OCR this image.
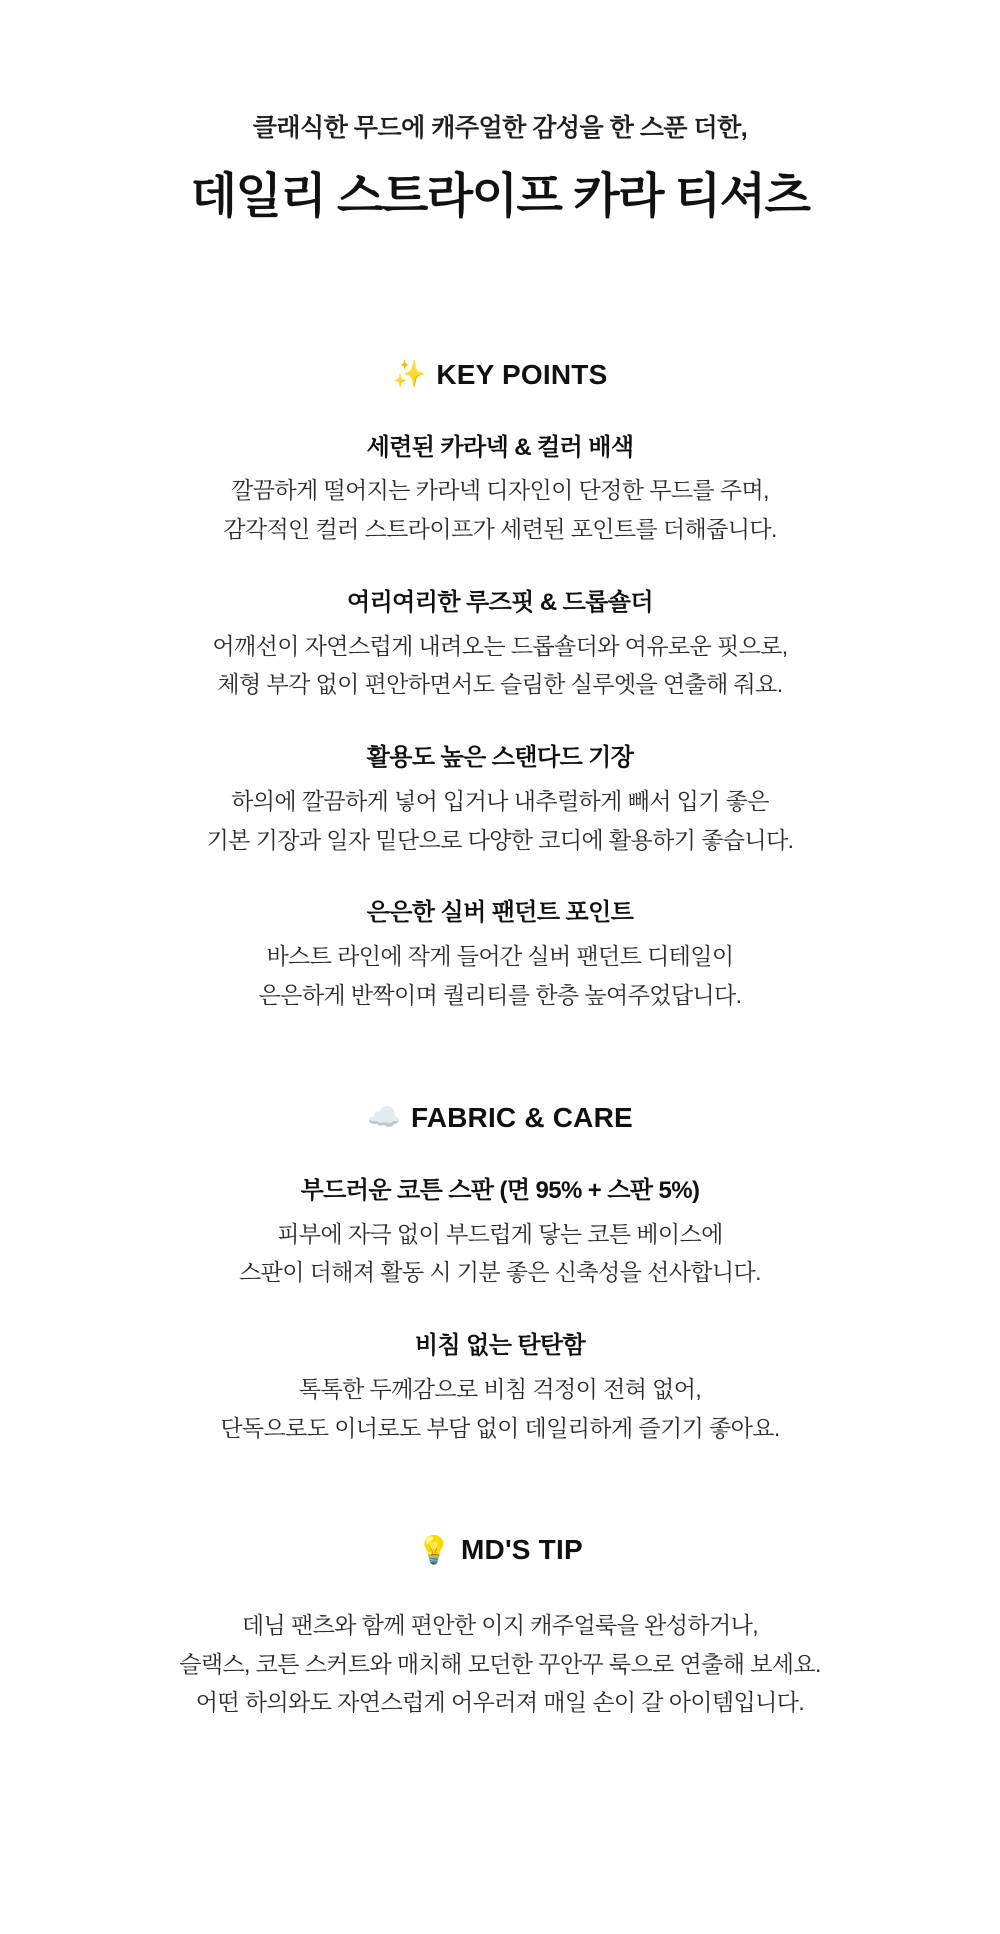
클래식한 무드에 캐주얼한 감성을 한 스푼 더한,
데일리 스트라이프 카라 티셔츠
✨ KEY POINTS
세련된 카라넥 & 컬러 배색
깔끔하게 떨어지는 카라넥 디자인이 단정한 무드를 주며,
감각적인 컬러 스트라이프가 세련된 포인트를 더해줍니다.
여리여리한 루즈핏 & 드롭숄더
어깨선이 자연스럽게 내려오는 드롭숄더와 여유로운 핏으로,
체형 부각 없이 편안하면서도 슬림한 실루엣을 연출해 줘요.
활용도 높은 스탠다드 기장
하의에 깔끔하게 넣어 입거나 내추럴하게 빼서 입기 좋은
기본 기장과 일자 밑단으로 다양한 코디에 활용하기 좋습니다.
은은한 실버 팬던트 포인트
바스트 라인에 작게 들어간 실버 팬던트 디테일이
은은하게 반짝이며 퀄리티를 한층 높여주었답니다.
☁️ FABRIC & CARE
부드러운 코튼 스판 (면 95% + 스판 5%)
피부에 자극 없이 부드럽게 닿는 코튼 베이스에
스판이 더해져 활동 시 기분 좋은 신축성을 선사합니다.
비침 없는 탄탄함
톡톡한 두께감으로 비침 걱정이 전혀 없어,
단독으로도 이너로도 부담 없이 데일리하게 즐기기 좋아요.
💡 MD'S TIP
데님 팬츠와 함께 편안한 이지 캐주얼룩을 완성하거나,
슬랙스, 코튼 스커트와 매치해 모던한 꾸안꾸 룩으로 연출해 보세요.
어떤 하의와도 자연스럽게 어우러져 매일 손이 갈 아이템입니다.
